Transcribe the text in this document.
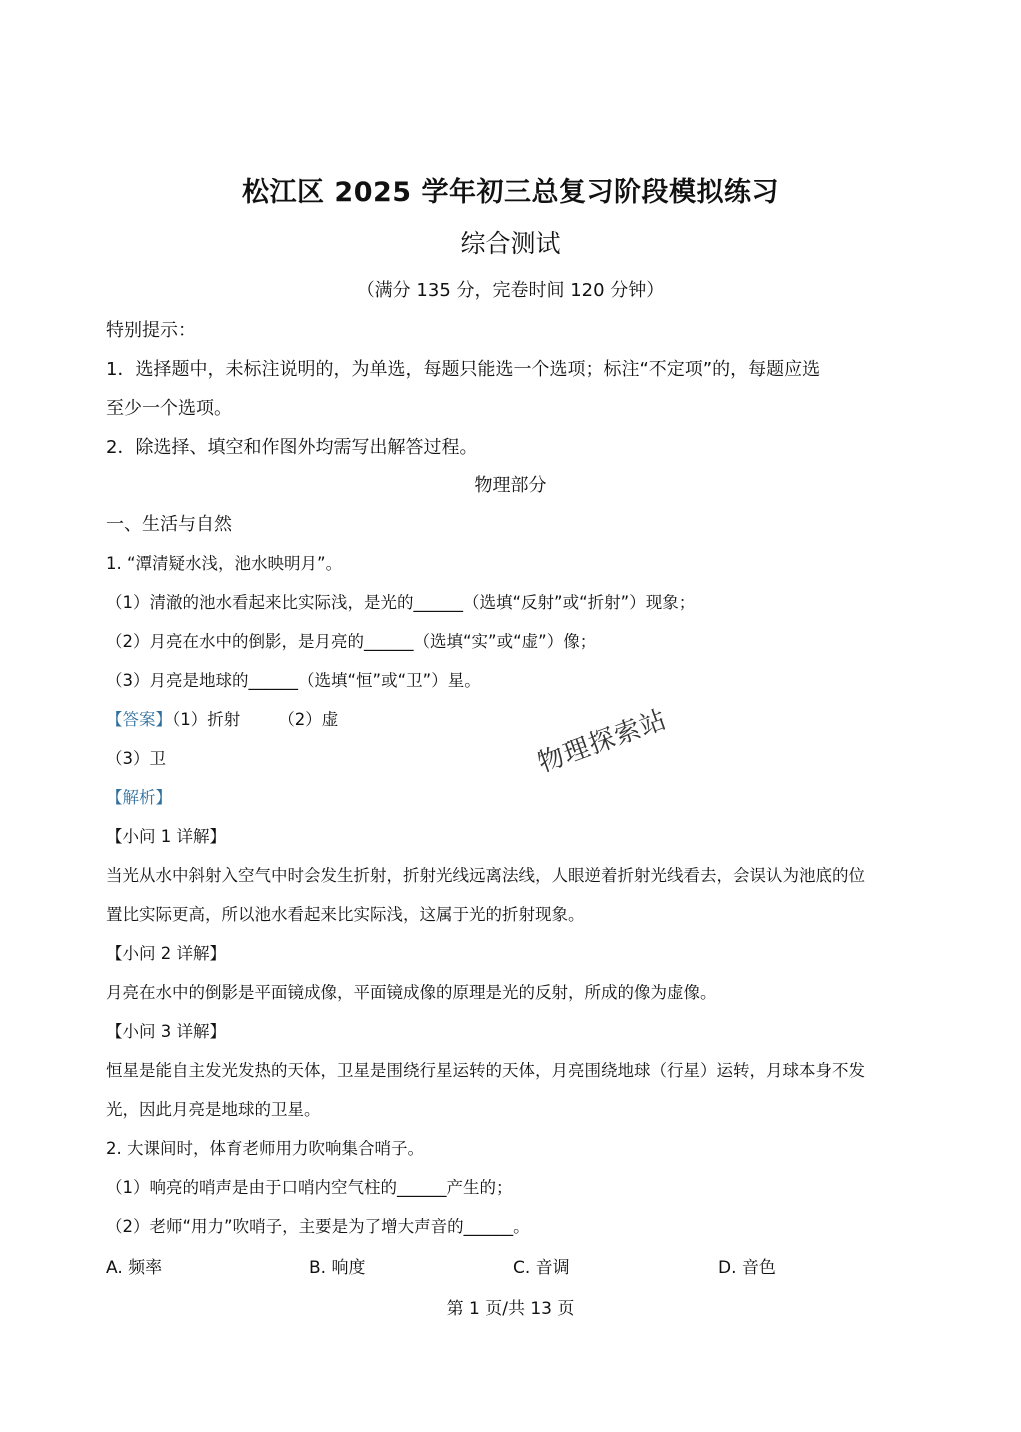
松江区 2025 学年初三总复习阶段模拟练习
综合测试
（满分 135 分，完卷时间 120 分钟）
特别提示：
1．选择题中，未标注说明的，为单选，每题只能选一个选项；标注“不定项”的，每题应选
至少一个选项。
2．除选择、填空和作图外均需写出解答过程。
物理部分
一、生活与自然
1. “潭清疑水浅，池水映明月”。
（1）清澈的池水看起来比实际浅，是光的______（选填“反射”或“折射”）现象；
（2）月亮在水中的倒影，是月亮的______（选填“实”或“虚”）像；
（3）月亮是地球的______（选填“恒”或“卫”）星。
【答案】（1）折射 （2）虚
（3）卫
【解析】
【小问 1 详解】
当光从水中斜射入空气中时会发生折射，折射光线远离法线，人眼逆着折射光线看去，会误认为池底的位
置比实际更高，所以池水看起来比实际浅，这属于光的折射现象。
【小问 2 详解】
月亮在水中的倒影是平面镜成像，平面镜成像的原理是光的反射，所成的像为虚像。
【小问 3 详解】
恒星是能自主发光发热的天体，卫星是围绕行星运转的天体，月亮围绕地球（行星）运转，月球本身不发
光，因此月亮是地球的卫星。
2. 大课间时，体育老师用力吹响集合哨子。
（1）响亮的哨声是由于口哨内空气柱的______产生的；
（2）老师“用力”吹哨子，主要是为了增大声音的______。
A. 频率	B. 响度	C. 音调	D. 音色
物理探索站
第 1 页/共 13 页
